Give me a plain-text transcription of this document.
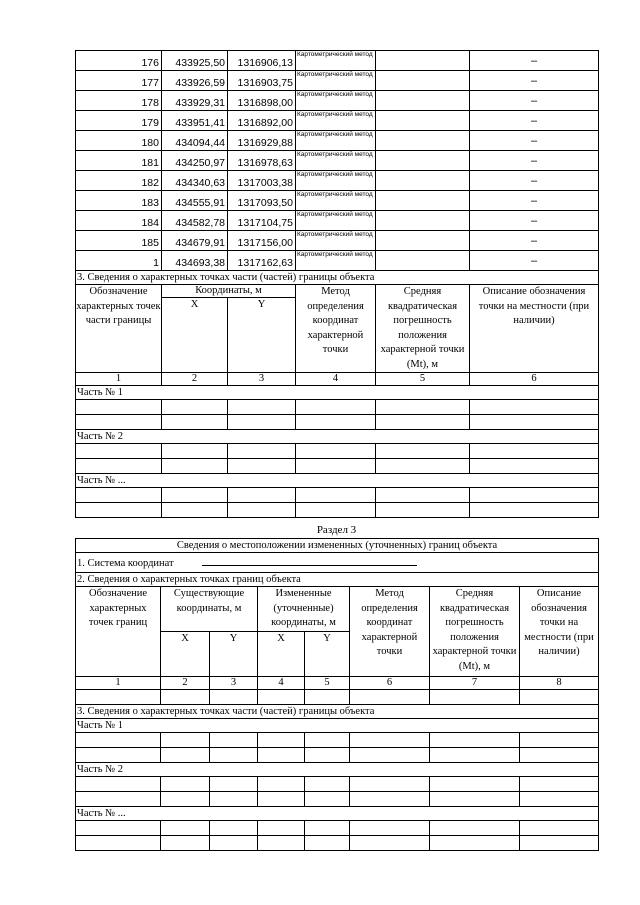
176	433925,50	1316906,13	Картометрический метод		–
177	433926,59	1316903,75	Картометрический метод		–
178	433929,31	1316898,00	Картометрический метод		–
179	433951,41	1316892,00	Картометрический метод		–
180	434094,44	1316929,88	Картометрический метод		–
181	434250,97	1316978,63	Картометрический метод		–
182	434340,63	1317003,38	Картометрический метод		–
183	434555,91	1317093,50	Картометрический метод		–
184	434582,78	1317104,75	Картометрический метод		–
185	434679,91	1317156,00	Картометрический метод		–
1	434693,38	1317162,63	Картометрический метод		–
3. Сведения о характерных точках части (частей) границы объекта					
Обозначение характерных точек части границы	Координаты, м		Метод определения координат характерной точки	Средняя квадратическая погрешность положения характерной точки (Mt), м	Описание обозначения точки на местности (при наличии)
	X	Y			
1	2	3	4	5	6
Часть № 1					

Часть № 2					

Часть № ...					

Раздел 3
Сведения о местоположении измененных (уточненных) границ объекта							
1. Система координат							
2. Сведения о характерных точках границ объекта							
Обозначение характерных точек границ	Существующие координаты, м		Измененные (уточненные) координаты, м		Метод определения координат характерной точки	Средняя квадратическая погрешность положения характерной точки (Mt), м	Описание обозначения точки на местности (при наличии)
	X	Y	X	Y			
1	2	3	4	5	6	7	8

3. Сведения о характерных точках части (частей) границы объекта							
Часть № 1							

Часть № 2							

Часть № ...							
